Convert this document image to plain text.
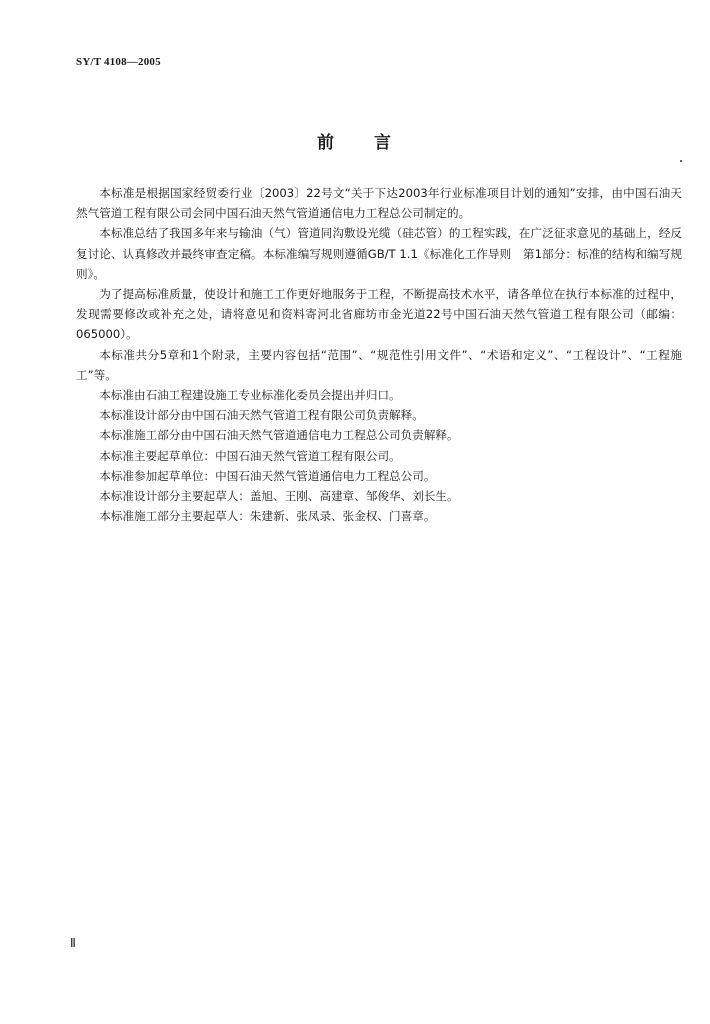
SY/T 4108—2005
前言

本标准是根据国家经贸委行业〔2003〕22号文“关于下达2003年行业标准项目计划的通知”安排，由中国石油天然气管道工程有限公司会同中国石油天然气管道通信电力工程总公司制定的。

本标准总结了我国多年来与输油（气）管道同沟敷设光缆（硅芯管）的工程实践，在广泛征求意见的基础上，经反复讨论、认真修改并最终审查定稿。本标准编写规则遵循GB/T 1.1《标准化工作导则　第1部分：标准的结构和编写规则》。

为了提高标准质量，使设计和施工工作更好地服务于工程，不断提高技术水平，请各单位在执行本标准的过程中，发现需要修改或补充之处，请将意见和资料寄河北省廊坊市金光道22号中国石油天然气管道工程有限公司（邮编：065000）。

本标准共分5章和1个附录，主要内容包括“范围”、“规范性引用文件”、“术语和定义”、“工程设计”、“工程施工”等。

本标准由石油工程建设施工专业标准化委员会提出并归口。

本标准设计部分由中国石油天然气管道工程有限公司负责解释。

本标准施工部分由中国石油天然气管道通信电力工程总公司负责解释。

本标准主要起草单位：中国石油天然气管道工程有限公司。

本标准参加起草单位：中国石油天然气管道通信电力工程总公司。

本标准设计部分主要起草人：盖旭、王刚、高建章、邹俊华、刘长生。

本标准施工部分主要起草人：朱建新、张凤录、张金权、门喜章。

Ⅱ
